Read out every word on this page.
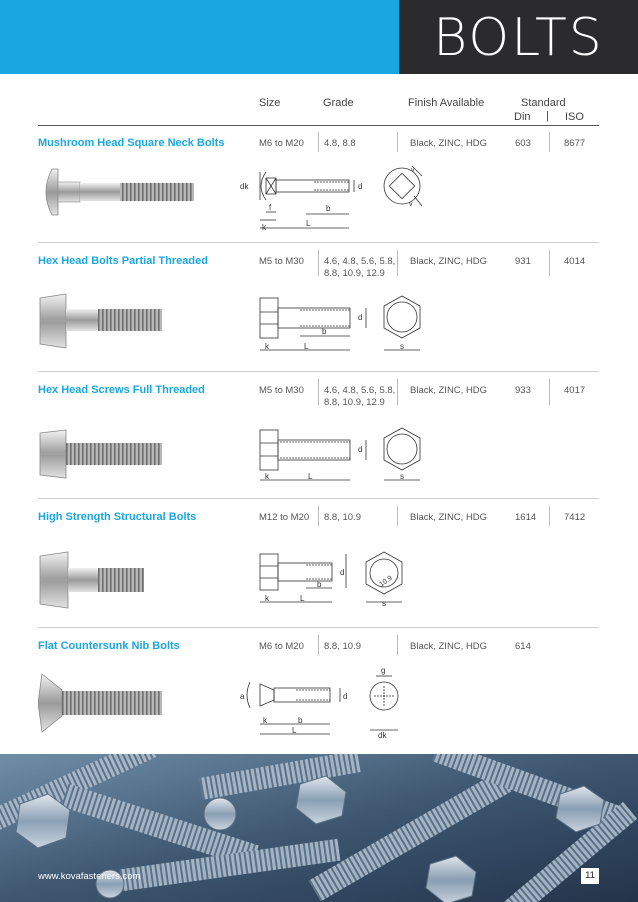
BOLTS
Size	Grade	Finish Available	Standard
Din | ISO
Mushroom Head Square Neck Bolts	M6 to M20 4.8, 8.8	Black, ZINC, HDG	603	8677
dk	d
f	b
k	L
v
v
Hex Head Bolts Partial Threaded	M5 to M30 4.6, 4.8, 5.6, 5.8,
8.8, 10.9, 12.9
Black, ZINC, HDG	931	4014
d
b
k	L	s
Hex Head Screws Full Threaded	M5 to M30 4.6, 4.8, 5.6, 5.8,
8.8, 10.9, 12.9
Black, ZINC, HDG	933	4017
d
k	L	s
High Strength Structural Bolts	M12 to M20 8.8, 10.9	Black, ZINC, HDG	1614	7412
d
b
k	L
s
10.9
Flat Countersunk Nib Bolts	M6 to M20 8.8, 10.9	Black, ZINC, HDG	614
a	d
k	b
L
g
dk
www.kovafasteners.com	11
